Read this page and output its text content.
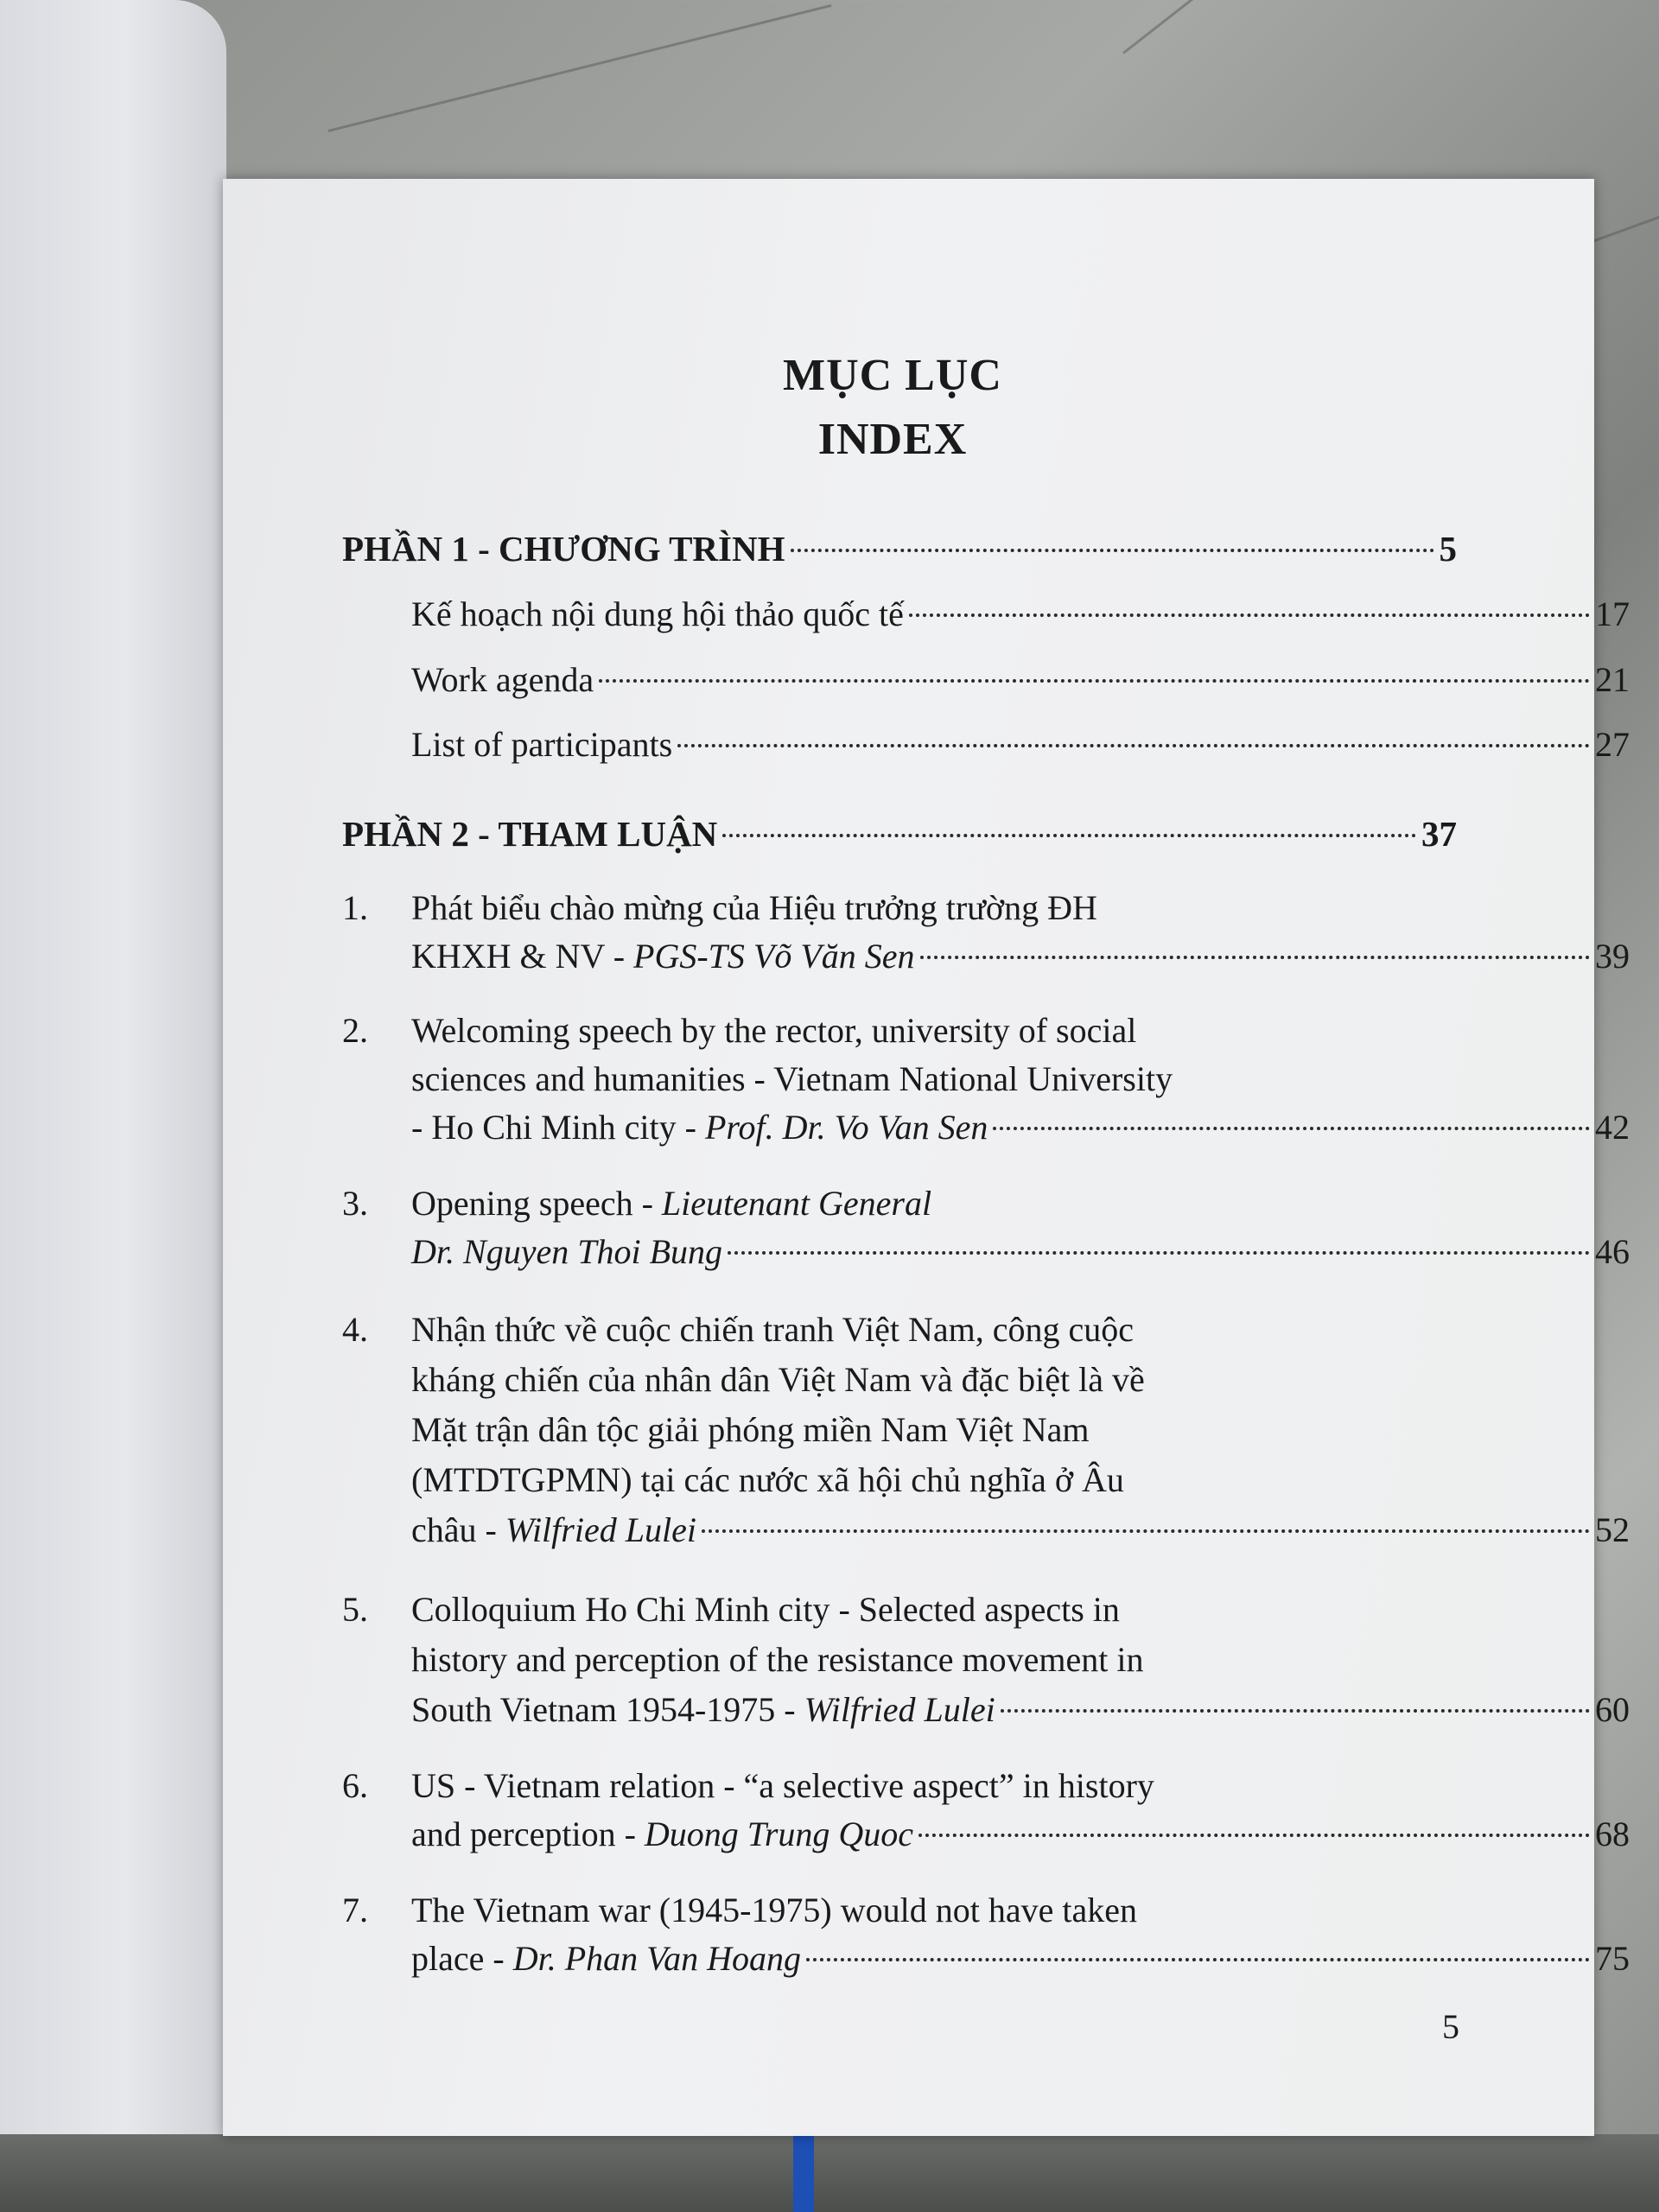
MỤC LỤC
INDEX
PHẦN 1 - CHƯƠNG TRÌNH	5
Kế hoạch nội dung hội thảo quốc tế	17
Work agenda	21
List of participants	27
PHẦN 2 - THAM LUẬN	37
1. Phát biểu chào mừng của Hiệu trưởng trường ĐH
KHXH & NV - PGS-TS Võ Văn Sen	39
2. Welcoming speech by the rector, university of social
sciences and humanities - Vietnam National University
- Ho Chi Minh city - Prof. Dr. Vo Van Sen	42
3. Opening speech - Lieutenant General
Dr. Nguyen Thoi Bung	46
4. Nhận thức về cuộc chiến tranh Việt Nam, công cuộc
kháng chiến của nhân dân Việt Nam và đặc biệt là về
Mặt trận dân tộc giải phóng miền Nam Việt Nam
(MTDTGPMN) tại các nước xã hội chủ nghĩa ở Âu
châu - Wilfried Lulei	52
5. Colloquium Ho Chi Minh city - Selected aspects in
history and perception of the resistance movement in
South Vietnam 1954-1975 - Wilfried Lulei	60
6. US - Vietnam relation - “a selective aspect” in history
and perception - Duong Trung Quoc	68
7. The Vietnam war (1945-1975) would not have taken
place - Dr. Phan Van Hoang	75
5
